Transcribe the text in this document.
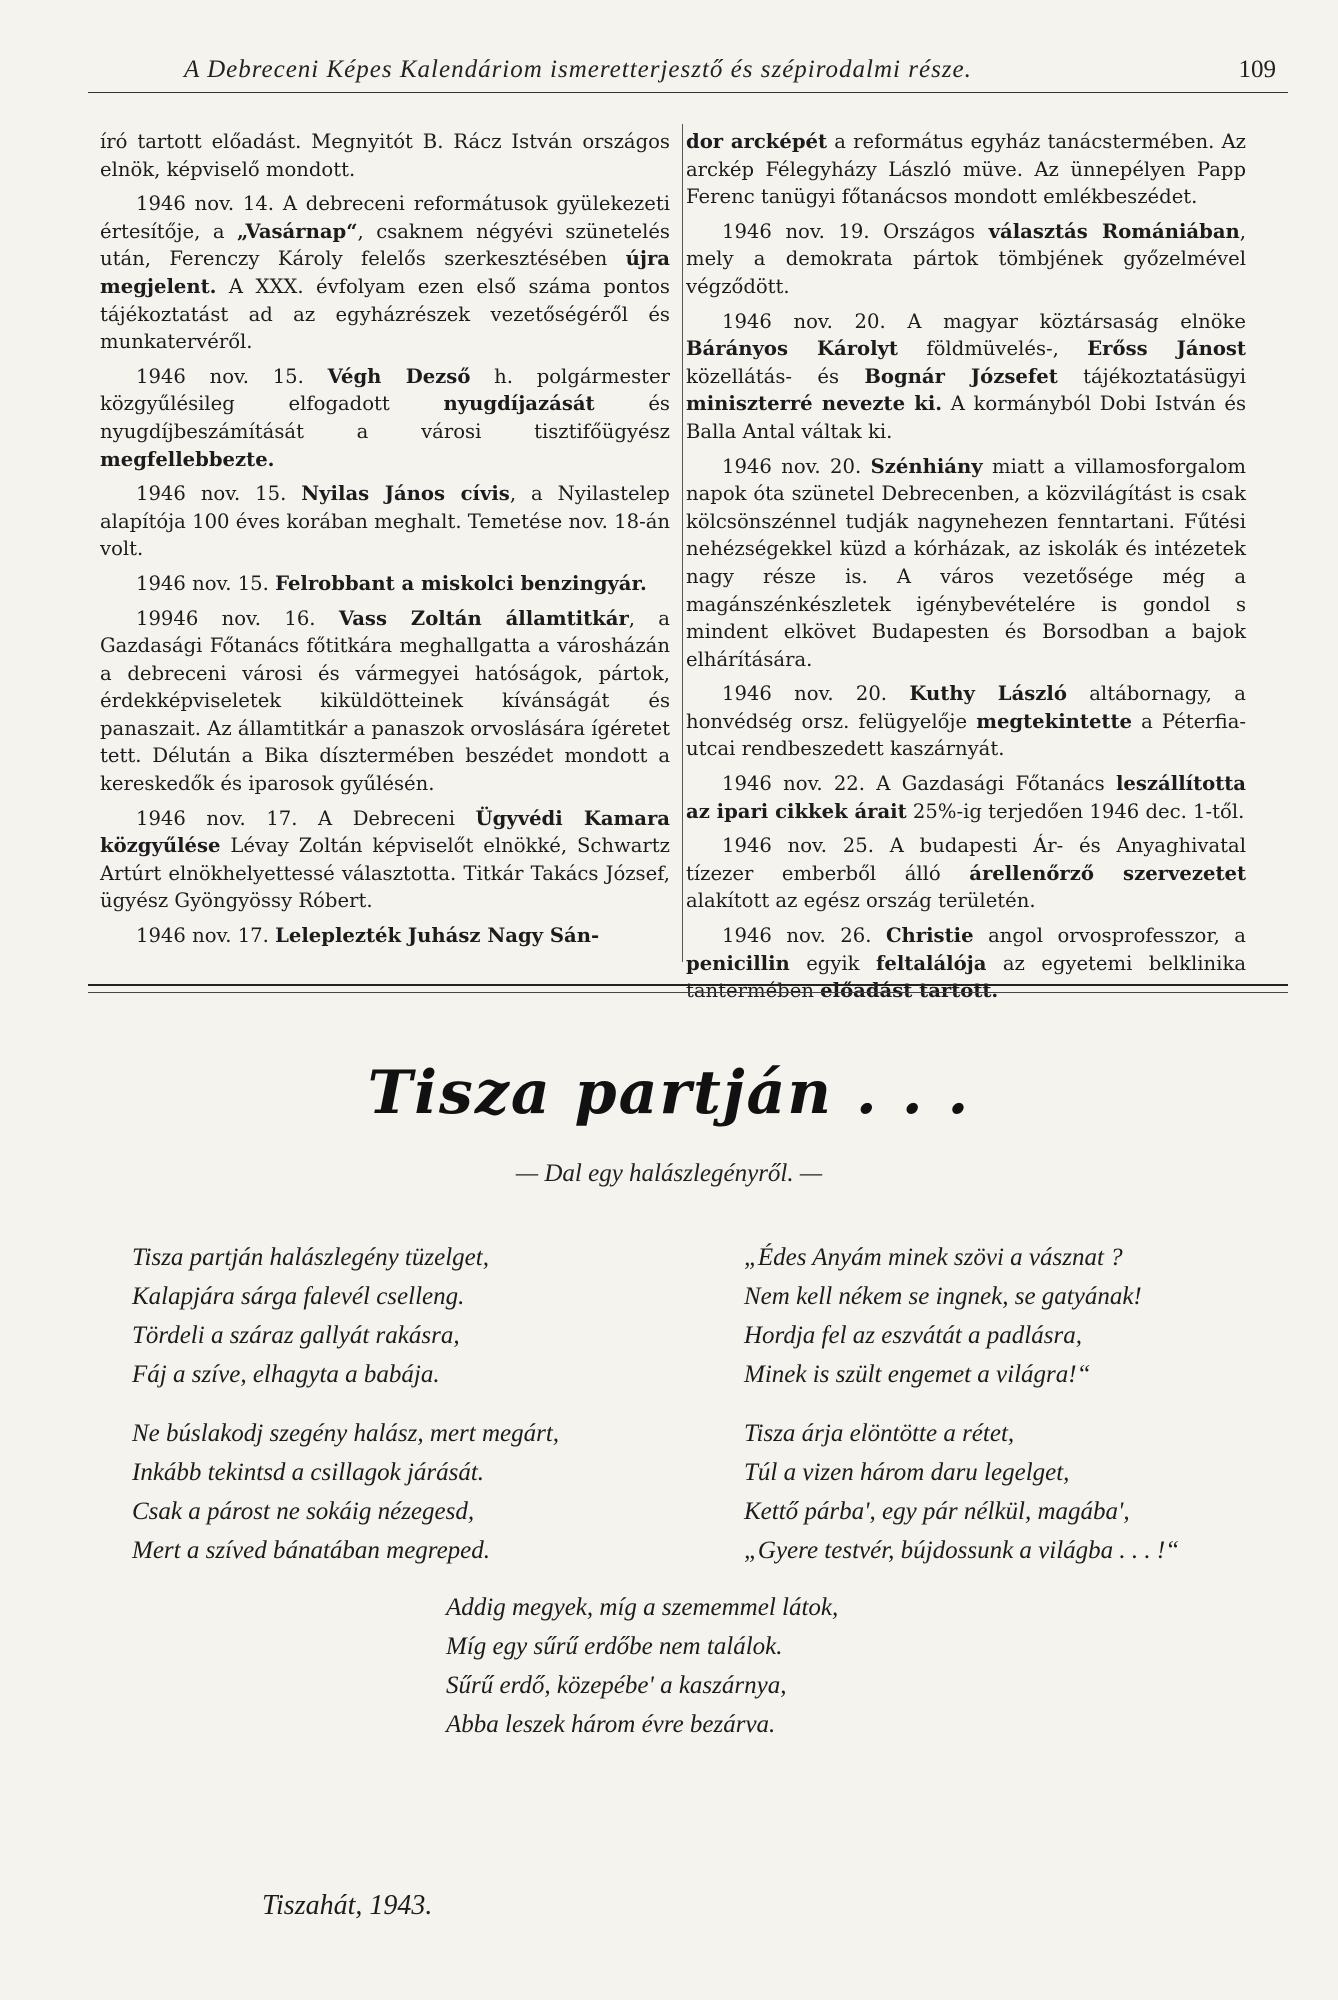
A Debreceni Képes Kalendáriom ismeretterjesztő és szépirodalmi része.	109

író tartott előadást. Megnyitót B. Rácz István országos elnök, képviselő mondott.

1946 nov. 14. A debreceni reformátusok gyülekezeti értesítője, a „Vasárnap“, csaknem négyévi szünetelés után, Ferenczy Károly felelős szerkesztésében újra megjelent. A XXX. évfolyam ezen első száma pontos tájékoztatást ad az egyházrészek vezetőségéről és munkatervéről.

1946 nov. 15. Végh Dezső h. polgármester közgyűlésileg elfogadott nyugdíjazását és nyugdíjbeszámítását a városi tisztifőügyész megfellebbezte.

1946 nov. 15. Nyilas János cívis, a Nyilastelep alapítója 100 éves korában meghalt. Temetése nov. 18-án volt.

1946 nov. 15. Felrobbant a miskolci benzingyár.

19946 nov. 16. Vass Zoltán államtitkár, a Gazdasági Főtanács főtitkára meghallgatta a városházán a debreceni városi és vármegyei hatóságok, pártok, érdekképviseletek kiküldötteinek kívánságát és panaszait. Az államtitkár a panaszok orvoslására ígéretet tett. Délután a Bika dísztermében beszédet mondott a kereskedők és iparosok gyűlésén.

1946 nov. 17. A Debreceni Ügyvédi Kamara közgyűlése Lévay Zoltán képviselőt elnökké, Schwartz Artúrt elnökhelyettessé választotta. Titkár Takács József, ügyész Gyöngyössy Róbert.

1946 nov. 17. Leleplezték Juhász Nagy Sán-

dor arcképét a református egyház tanácstermében. Az arckép Félegyházy László müve. Az ünnepélyen Papp Ferenc tanügyi főtanácsos mondott emlékbeszédet.

1946 nov. 19. Országos választás Romániában, mely a demokrata pártok tömbjének győzelmével végződött.

1946 nov. 20. A magyar köztársaság elnöke Bárányos Károlyt földmüvelés-, Erőss Jánost közellátás- és Bognár Józsefet tájékoztatásügyi miniszterré nevezte ki. A kormányból Dobi István és Balla Antal váltak ki.

1946 nov. 20. Szénhiány miatt a villamosforgalom napok óta szünetel Debrecenben, a közvilágítást is csak kölcsönszénnel tudják nagynehezen fenntartani. Fűtési nehézségekkel küzd a kórházak, az iskolák és intézetek nagy része is. A város vezetősége még a magánszénkészletek igénybevételére is gondol s mindent elkövet Budapesten és Borsodban a bajok elhárítására.

1946 nov. 20. Kuthy László altábornagy, a honvédség orsz. felügyelője megtekintette a Péterfia-utcai rendbeszedett kaszárnyát.

1946 nov. 22. A Gazdasági Főtanács leszállította az ipari cikkek árait 25%-ig terjedően 1946 dec. 1-től.

1946 nov. 25. A budapesti Ár- és Anyaghivatal tízezer emberből álló árellenőrző szervezetet alakított az egész ország területén.

1946 nov. 26. Christie angol orvosprofesszor, a penicillin egyik feltalálója az egyetemi belklinika tantermében előadást tartott.

Tisza partján . . .
— Dal egy halászlegényről. —
Tisza partján halászlegény tüzelget,
Kalapjára sárga falevél cselleng.
Tördeli a száraz gallyát rakásra,
Fáj a szíve, elhagyta a babája.
„Édes Anyám minek szövi a vásznat ?
Nem kell nékem se ingnek, se gatyának!
Hordja fel az eszvátát a padlásra,
Minek is szült engemet a világra!“
Ne búslakodj szegény halász, mert megárt,
Inkább tekintsd a csillagok járását.
Csak a párost ne sokáig nézegesd,
Mert a szíved bánatában megreped.
Tisza árja elöntötte a rétet,
Túl a vizen három daru legelget,
Kettő párba', egy pár nélkül, magába',
„Gyere testvér, bújdossunk a világba . . . !“
Addig megyek, míg a szememmel látok,
Míg egy sűrű erdőbe nem találok.
Sűrű erdő, közepébe' a kaszárnya,
Abba leszek három évre bezárva.
Tiszahát, 1943.
